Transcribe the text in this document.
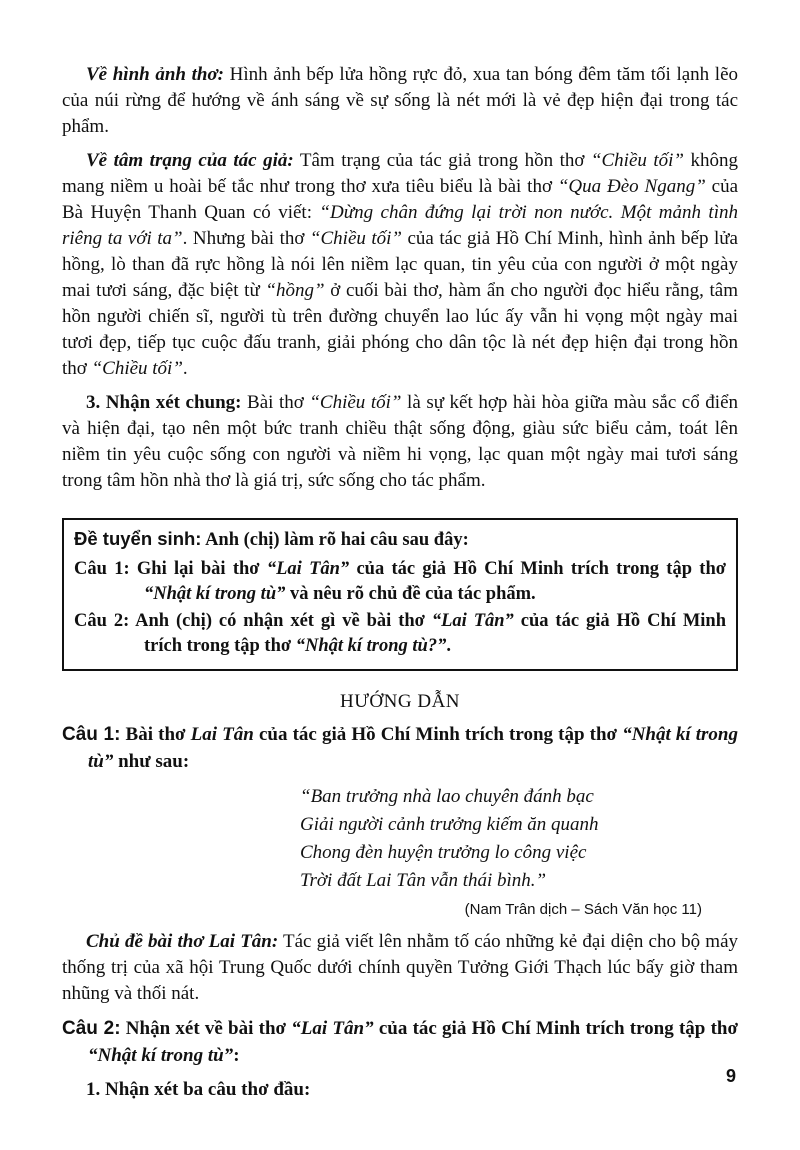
Về hình ảnh thơ: Hình ảnh bếp lửa hồng rực đỏ, xua tan bóng đêm tăm tối lạnh lẽo của núi rừng để hướng về ánh sáng về sự sống là nét mới là vẻ đẹp hiện đại trong tác phẩm.

Về tâm trạng của tác giả: Tâm trạng của tác giả trong hồn thơ “Chiều tối” không mang niềm u hoài bế tắc như trong thơ xưa tiêu biểu là bài thơ “Qua Đèo Ngang” của Bà Huyện Thanh Quan có viết: “Dừng chân đứng lại trời non nước. Một mảnh tình riêng ta với ta”. Nhưng bài thơ “Chiều tối” của tác giả Hồ Chí Minh, hình ảnh bếp lửa hồng, lò than đã rực hồng là nói lên niềm lạc quan, tin yêu của con người ở một ngày mai tươi sáng, đặc biệt từ “hồng” ở cuối bài thơ, hàm ẩn cho người đọc hiểu rằng, tâm hồn người chiến sĩ, người tù trên đường chuyển lao lúc ấy vẫn hi vọng một ngày mai tươi đẹp, tiếp tục cuộc đấu tranh, giải phóng cho dân tộc là nét đẹp hiện đại trong hồn thơ “Chiều tối”.

3. Nhận xét chung: Bài thơ “Chiều tối” là sự kết hợp hài hòa giữa màu sắc cổ điển và hiện đại, tạo nên một bức tranh chiều thật sống động, giàu sức biểu cảm, toát lên niềm tin yêu cuộc sống con người và niềm hi vọng, lạc quan một ngày mai tươi sáng trong tâm hồn nhà thơ là giá trị, sức sống cho tác phẩm.

Đề tuyển sinh: Anh (chị) làm rõ hai câu sau đây:

Câu 1: Ghi lại bài thơ “Lai Tân” của tác giả Hồ Chí Minh trích trong tập thơ “Nhật kí trong tù” và nêu rõ chủ đề của tác phẩm.

Câu 2: Anh (chị) có nhận xét gì về bài thơ “Lai Tân” của tác giả Hồ Chí Minh trích trong tập thơ “Nhật kí trong tù?”.

HƯỚNG DẪN

Câu 1: Bài thơ Lai Tân của tác giả Hồ Chí Minh trích trong tập thơ “Nhật kí trong tù” như sau:

“Ban trưởng nhà lao chuyên đánh bạc
Giải người cảnh trưởng kiếm ăn quanh
Chong đèn huyện trưởng lo công việc
Trời đất Lai Tân vẫn thái bình.”

(Nam Trân dịch – Sách Văn học 11)

Chủ đề bài thơ Lai Tân: Tác giả viết lên nhằm tố cáo những kẻ đại diện cho bộ máy thống trị của xã hội Trung Quốc dưới chính quyền Tưởng Giới Thạch lúc bấy giờ tham nhũng và thối nát.

Câu 2: Nhận xét về bài thơ “Lai Tân” của tác giả Hồ Chí Minh trích trong tập thơ “Nhật kí trong tù”:

1. Nhận xét ba câu thơ đầu:

9
